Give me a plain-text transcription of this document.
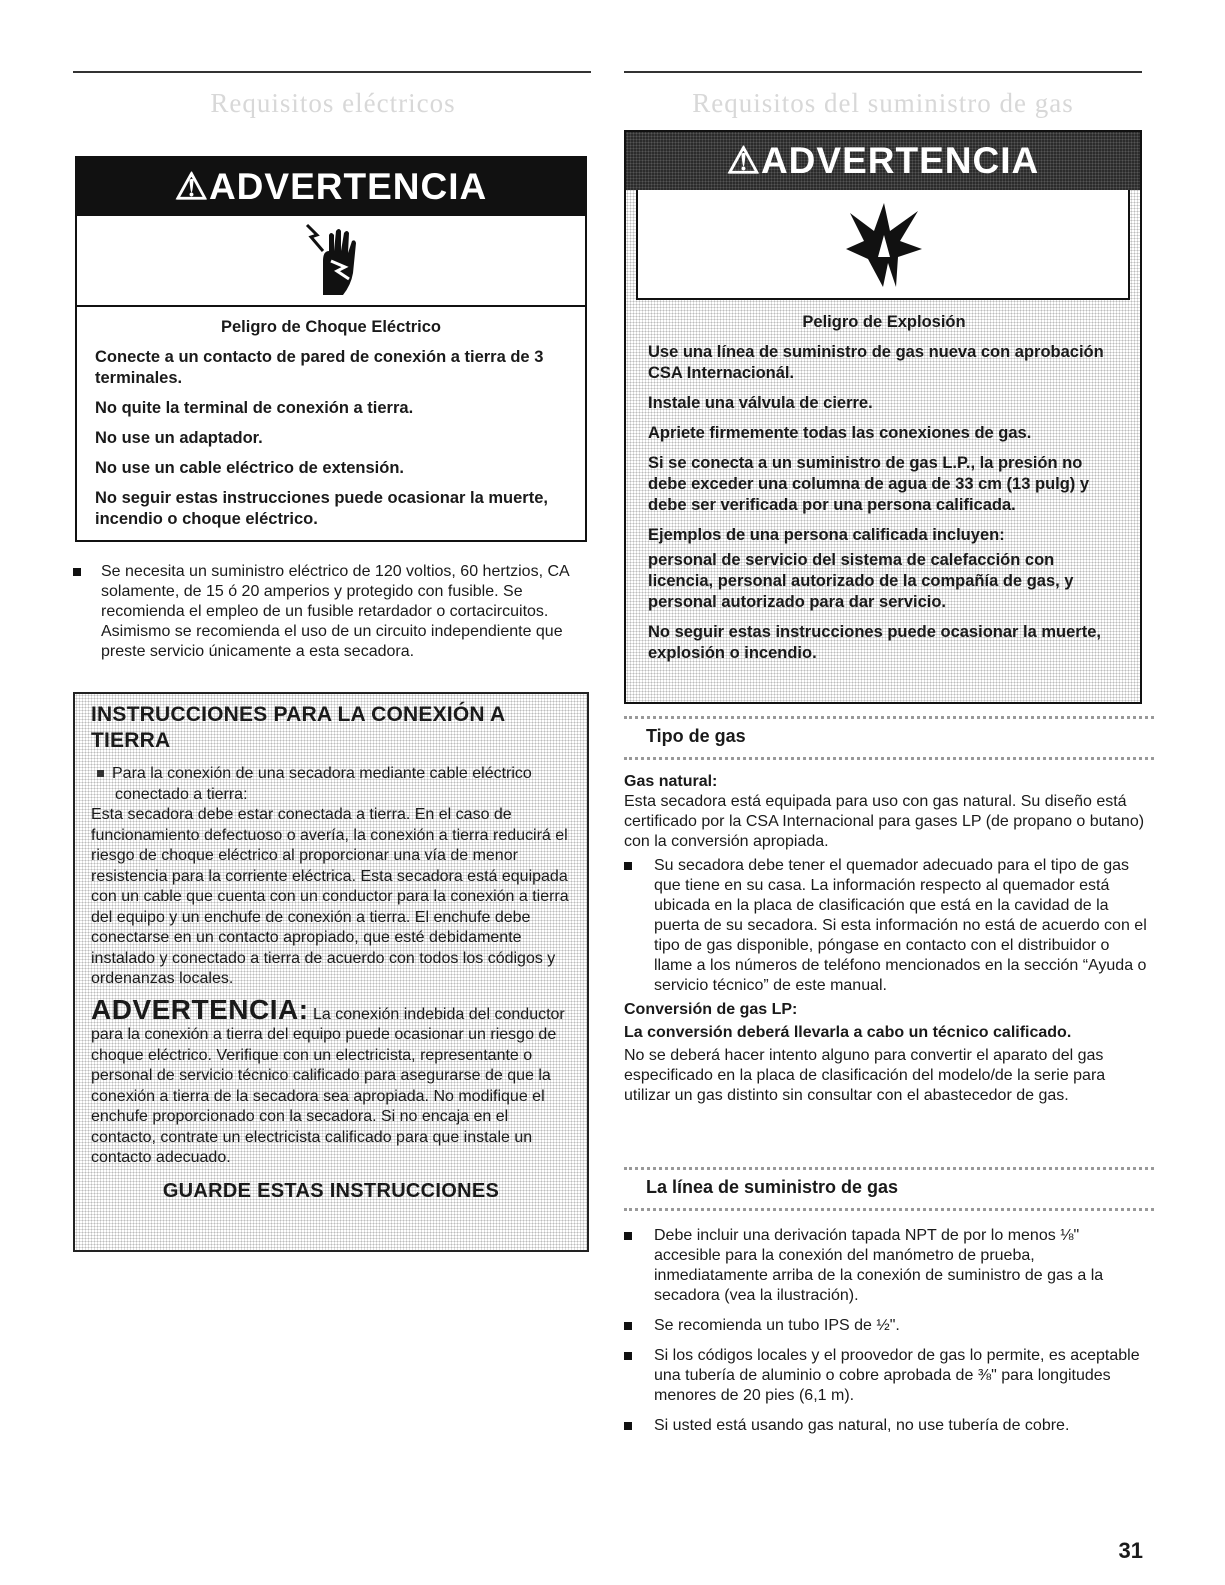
Requisitos eléctricos
⚠ADVERTENCIA

Peligro de Choque Eléctrico

Conecte a un contacto de pared de conexión a tierra de 3 terminales.

No quite la terminal de conexión a tierra.

No use un adaptador.

No use un cable eléctrico de extensión.

No seguir estas instrucciones puede ocasionar la muerte, incendio o choque eléctrico.

Se necesita un suministro eléctrico de 120 voltios, 60 hertzios, CA solamente, de 15 ó 20 amperios y protegido con fusible. Se recomienda el empleo de un fusible retardador o cortacircuitos. Asimismo se recomienda el uso de un circuito independiente que preste servicio únicamente a esta secadora.
INSTRUCCIONES PARA LA CONEXIÓN A TIERRA

Para la conexión de una secadora mediante cable eléctrico conectado a tierra:

Esta secadora debe estar conectada a tierra. En el caso de funcionamiento defectuoso o avería, la conexión a tierra reducirá el riesgo de choque eléctrico al proporcionar una vía de menor resistencia para la corriente eléctrica. Esta secadora está equipada con un cable que cuenta con un conductor para la conexión a tierra del equipo y un enchufe de conexión a tierra. El enchufe debe conectarse en un contacto apropiado, que esté debidamente instalado y conectado a tierra de acuerdo con todos los códigos y ordenanzas locales.

ADVERTENCIA: La conexión indebida del conductor para la conexión a tierra del equipo puede ocasionar un riesgo de choque eléctrico. Verifique con un electricista, representante o personal de servicio técnico calificado para asegurarse de que la conexión a tierra de la secadora sea apropiada. No modifique el enchufe proporcionado con la secadora. Si no encaja en el contacto, contrate un electricista calificado para que instale un contacto adecuado.

GUARDE ESTAS INSTRUCCIONES
Requisitos del suministro de gas
⚠ADVERTENCIA

Peligro de Explosión

Use una línea de suministro de gas nueva con aprobación CSA Internacionál.

Instale una válvula de cierre.

Apriete firmemente todas las conexiones de gas.

Si se conecta a un suministro de gas L.P., la presión no debe exceder una columna de agua de 33 cm (13 pulg) y debe ser verificada por una persona calificada.

Ejemplos de una persona calificada incluyen:

personal de servicio del sistema de calefacción con licencia, personal autorizado de la compañía de gas, y personal autorizado para dar servicio.

No seguir estas instrucciones puede ocasionar la muerte, explosión o incendio.

Tipo de gas

Gas natural:

Esta secadora está equipada para uso con gas natural. Su diseño está certificado por la CSA Internacional para gases LP (de propano o butano) con la conversión apropiada.

Su secadora debe tener el quemador adecuado para el tipo de gas que tiene en su casa. La información respecto al quemador está ubicada en la placa de clasificación que está en la cavidad de la puerta de su secadora. Si esta información no está de acuerdo con el tipo de gas disponible, póngase en contacto con el distribuidor o llame a los números de teléfono mencionados en la sección “Ayuda o servicio técnico” de este manual.

Conversión de gas LP:

La conversión deberá llevarla a cabo un técnico calificado.

No se deberá hacer intento alguno para convertir el aparato del gas especificado en la placa de clasificación del modelo/de la serie para utilizar un gas distinto sin consultar con el abastecedor de gas.

La línea de suministro de gas
Debe incluir una derivación tapada NPT de por lo menos ⅛" accesible para la conexión del manómetro de prueba, inmediatamente arriba de la conexión de suministro de gas a la secadora (vea la ilustración).
Se recomienda un tubo IPS de ½".
Si los códigos locales y el proovedor de gas lo permite, es aceptable una tubería de aluminio o cobre aprobada de ⅜" para longitudes menores de 20 pies (6,1 m).
Si usted está usando gas natural, no use tubería de cobre.
31
